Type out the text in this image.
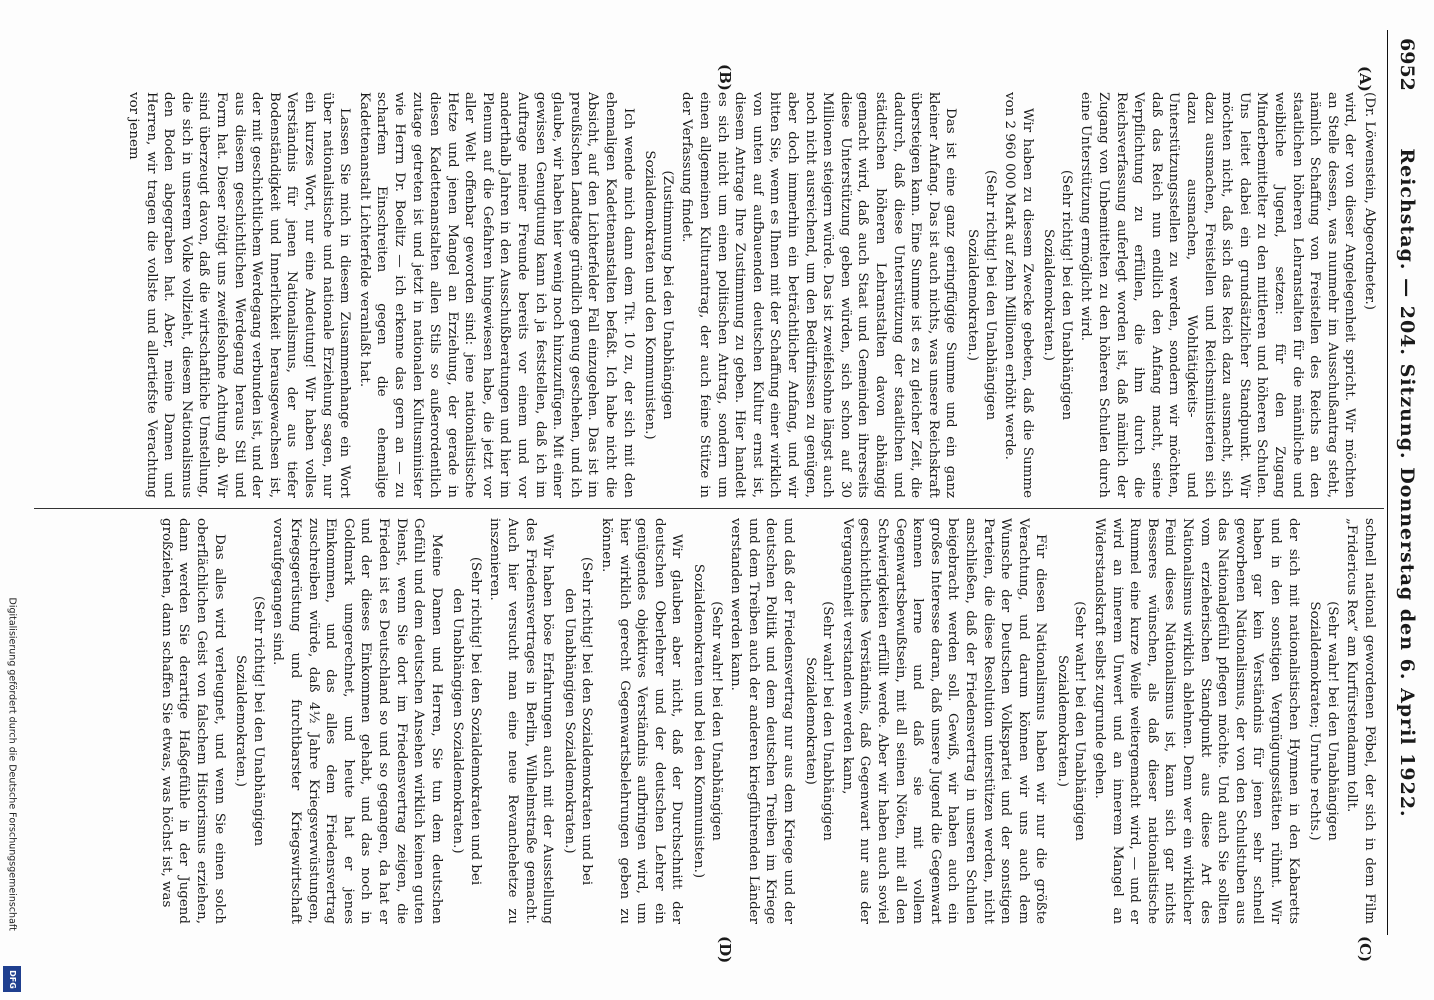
6952
Reichstag. — 204. Sitzung. Donnerstag den 6. April 1922.
(A)
(B)
(C)
(D)

(Dr. Löwenstein, Abgeordneter.)

wird, der von dieser Angelegenheit spricht. Wir möchten an Stelle dessen, was nunmehr im Ausschußantrag steht, nämlich Schaffung von Freistellen des Reichs an den staatlichen höheren Lehranstalten für die männliche und weibliche Jugend, setzen: für den Zugang Minderbemittelter zu den mittleren und höheren Schulen. Uns leitet dabei ein grundsätzlicher Standpunkt. Wir möchten nicht, daß sich das Reich dazu ausmacht, sich dazu ausmachen, Freistellen und Reichsministerien sich dazu ausmachen, Wohltätigkeits- und Unterstützungsstellen zu werden, sondern wir möchten, daß das Reich nun endlich den Anfang macht, seine Verpflichtung zu erfüllen, die ihm durch die Reichsverfassung auferlegt worden ist, daß nämlich der Zugang von Unbemittelten zu den höheren Schulen durch eine Unterstützung ermöglicht wird.

(Sehr richtig! bei den Unabhängigen Sozialdemokraten.)

Wir haben zu diesem Zwecke gebeten, daß die Summe von 2 960 000 Mark auf zehn Millionen erhöht werde.

(Sehr richtig! bei den Unabhängigen Sozialdemokraten.)

Das ist eine ganz geringfügige Summe und ein ganz kleiner Anfang. Das ist auch nichts, was unsere Reichskraft übersteigen kann. Eine Summe ist es zu gleicher Zeit, die dadurch, daß diese Unterstützung der staatlichen und städtischen höheren Lehranstalten davon abhängig gemacht wird, daß auch Staat und Gemeinden ihrerseits diese Unterstützung geben würden, sich schon auf 30 Millionen steigern würde. Das ist zweifelsohne längst auch noch nicht ausreichend, um den Bedürfnissen zu genügen, aber doch immerhin ein beträchtlicher Anfang, und wir bitten Sie, wenn es Ihnen mit der Schaffung einer wirklich von unten auf aufbauenden deutschen Kultur ernst ist, diesem Antrage Ihre Zustimmung zu geben. Hier handelt es sich nicht um einen politischen Antrag, sondern um einen allgemeinen Kulturantrag, der auch feine Stütze in der Verfassung findet.

(Zustimmung bei den Unabhängigen Sozialdemokraten und den Kommunisten.)

Ich wende mich dann dem Tit. 10 zu, der sich mit den ehemaligen Kadettenanstalten befaßt. Ich habe nicht die Absicht, auf den Lichterfelder Fall einzugehen. Das ist im preußischen Landtage gründlich genug geschehen, und ich glaube, wir haben hier wenig noch hinzuzufügen. Mit einer gewissen Genugtuung kann ich ja feststellen, daß ich im Auftrage meiner Freunde bereits vor einem und vor anderthalb Jahren in den Ausschußberatungen und hier im Plenum auf die Gefahren hingewiesen habe, die jetzt vor aller Welt offenbar geworden sind: jene nationalistische Hetze und jenen Mangel an Erziehung, der gerade in diesen Kadettenanstalten allen Stils so außerordentlich zutage getreten ist und jetzt in nationalen Kultusminister wie Herrn Dr. Boelitz — ich erkenne das gern an — zu scharfem Einschreiten gegen die ehemalige Kadettenanstalt Lichterfelde veranlaßt hat.

Lassen Sie mich in diesem Zusammenhange ein Wort über nationalistische und nationale Erziehung sagen, nur ein kurzes Wort, nur eine Andeutung! Wir haben volles Verständnis für jenen Nationalismus, der aus tiefer Bodenständigkeit und Innerlichkeit herausgewachsen ist, der mit geschichtlichem Werdegang verbunden ist, und der aus diesem geschichtlichen Werdegang heraus Stil und Form hat. Dieser nötigt uns zweifelsohne Achtung ab. Wir sind überzeugt davon, daß die wirtschaftliche Umstellung, die sich in unserem Volke vollzieht, diesem Nationalismus den Boden abgegraben hat. Aber, meine Damen und Herren, wir tragen die vollste und allertiefste Verachtung vor jenem

schnell national gewordenen Pöbel, der sich in dem Film „Fridericus Rex“ am Kurfürstendamm tollt.

(Sehr wahr! bei den Unabhängigen Sozialdemokraten; Unruhe rechts.)

der sich mit nationalistischen Hymnen in den Kabaretts und in den sonstigen Vergnügungsstätten rühmt. Wir haben gar kein Verständnis für jenen sehr schnell geworbenen Nationalismus, der von den Schulstuben aus das Nationalgefühl pflegen möchte. Und auch Sie sollten vom erzieherischen Standpunkt aus diese Art des Nationalismus wirklich ablehnen. Denn wer ein wirklicher Feind dieses Nationalismus ist, kann sich gar nichts Besseres wünschen, als daß dieser nationalistische Rummel eine kurze Weile weitergemacht wird, — und er wird an innerem Unwert und an innerem Mangel an Widerstandskraft selbst zugrunde gehen.

(Sehr wahr! bei den Unabhängigen Sozialdemokraten.)

Für diesen Nationalismus haben wir nur die größte Verachtung, und darum können wir uns auch dem Wunsche der Deutschen Volkspartei und der sonstigen Parteien, die diese Resolution unterstützen werden, nicht anschließen, daß der Friedensvertrag in unseren Schulen beigebracht werden soll. Gewiß, wir haben auch ein großes Interesse daran, daß unsere Jugend die Gegenwart kennen lerne und daß sie mit vollem Gegenwartsbewußtsein, mit all seinen Nöten, mit all den Schwierigkeiten erfüllt werde. Aber wir haben auch soviel geschichtliches Verständnis, daß Gegenwart nur aus der Vergangenheit verstanden werden kann,

(Sehr wahr! bei den Unabhängigen Sozialdemokraten)

und daß der Friedensvertrag nur aus dem Kriege und der deutschen Politik und dem deutschen Treiben im Kriege und dem Treiben auch der anderen kriegführenden Länder verstanden werden kann.

(Sehr wahr! bei den Unabhängigen Sozialdemokraten und bei den Kommunisten.)

Wir glauben aber nicht, daß der Durchschnitt der deutschen Oberlehrer und der deutschen Lehrer ein genügendes objektives Verständnis aufbringen wird, um hier wirklich gerecht Gegenwartsbelehrungen geben zu können.

(Sehr richtig! bei den Sozialdemokraten und bei den Unabhängigen Sozialdemokraten.)

Wir haben böse Erfahrungen auch mit der Ausstellung des Friedensvertrages in Berlin, Wilhelmstraße gemacht. Auch hier versucht man eine neue Revanchehetze zu inszenieren.

(Sehr richtig! bei den Sozialdemokraten und bei den Unabhängigen Sozialdemokraten.)

Meine Damen und Herren, Sie tun dem deutschen Gefühl und dem deutschen Ansehen wirklich keinen guten Dienst, wenn Sie dort im Friedensvertrag zeigen, die Frieden ist es Deutschland so und so gegangen, da hat er und der dieses Einkommen gehabt, und das noch in Goldmark umgerechnet, und heute hat er jenes Einkommen, und das alles dem Friedensvertrag zuschreiben würde, daß 4½ Jahre Kriegsverwüstungen, Kriegsgerüstung und furchtbarster Kriegswirtschaft voraufgegangen sind.

(Sehr richtig! bei den Unabhängigen Sozialdemokraten.)

Das alles wird verleugnet, und wenn Sie einen solch oberflächlichen Geist von falschem Historismus erziehen, dann werden Sie derartige Haßgefühle in der Jugend großziehen, dann schaffen Sie etwas, was höchst ist, was

Digitalisierung gefördert durch die Deutsche Forschungsgemeinschaft
DFG
